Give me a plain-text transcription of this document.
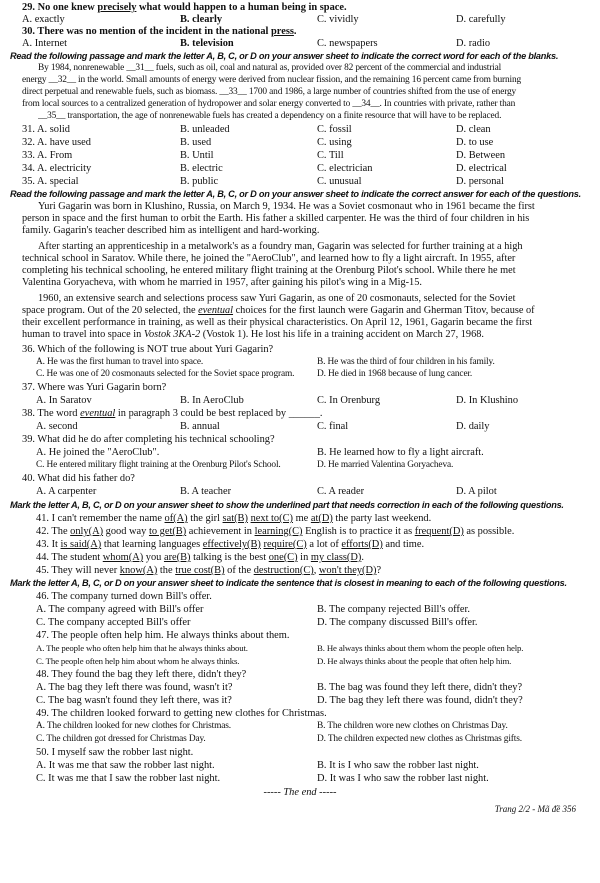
29. No one knew precisely what would happen to a human being in space.
A. exactly	B. clearly	C. vividly	D. carefully
30. There was no mention of the incident in the national press.
A. Internet	B. television	C. newspapers	D. radio
Read the following passage and mark the letter A, B, C, or D on your answer sheet to indicate the correct word for each of the blanks.
By 1984, nonrenewable __31__ fuels, such as oil, coal and natural as, provided over 82 percent of the commercial and industrial
energy __32__ in the world. Small amounts of energy were derived from nuclear fission, and the remaining 16 percent came from burning
direct perpetual and renewable fuels, such as biomass. __33__ 1700 and 1986, a large number of countries shifted from the use of energy
from local sources to a centralized generation of hydropower and solar energy converted to __34__. In countries with private, rather than
__35__ transportation, the age of nonrenewable fuels has created a dependency on a finite resource that will have to be replaced.
31. A. solid	B. unleaded	C. fossil	D. clean
32. A. have used	B. used	C. using	D. to use
33. A. From	B. Until	C. Till	D. Between
34. A. electricity	B. electric	C. electrician	D. electrical
35. A. special	B. public	C. unusual	D. personal
Read the following passage and mark the letter A, B, C, or D on your answer sheet to indicate the correct answer for each of the questions.
Yuri Gagarin was born in Klushino, Russia, on March 9, 1934. He was a Soviet cosmonaut who in 1961 became the first
person in space and the first human to orbit the Earth. His father a skilled carpenter. He was the third of four children in his
family. Gagarin's teacher described him as intelligent and hard-working.
After starting an apprenticeship in a metalwork's as a foundry man, Gagarin was selected for further training at a high
technical school in Saratov. While there, he joined the "AeroClub", and learned how to fly a light aircraft. In 1955, after
completing his technical schooling, he entered military flight training at the Orenburg Pilot's school. While there he met
Valentina Goryacheva, with whom he married in 1957, after gaining his pilot's wing in a Mig-15.
1960, an extensive search and selections process saw Yuri Gagarin, as one of 20 cosmonauts, selected for the Soviet
space program. Out of the 20 selected, the eventual choices for the first launch were Gagarin and Gherman Titov, because of
their excellent performance in training, as well as their physical characteristics. On April 12, 1961, Gagarin became the first
human to travel into space in Vostok 3KA-2 (Vostok 1). He lost his life in a training accident on March 27, 1968.
36. Which of the following is NOT true about Yuri Gagarin?
A. He was the first human to travel into space.	B. He was the third of four children in his family.
C. He was one of 20 cosmonauts selected for the Soviet space program. D. He died in 1968 because of lung cancer.
37. Where was Yuri Gagarin born?
A. In Saratov	B. In AeroClub	C. In Orenburg	D. In Klushino
38. The word eventual in paragraph 3 could be best replaced by ______.
A. second	B. annual	C. final	D. daily
39. What did he do after completing his technical schooling?
A. He joined the "AeroClub".	B. He learned how to fly a light aircraft.
C. He entered military flight training at the Orenburg Pilot's School.	D. He married Valentina Goryacheva.
40. What did his father do?
A. A carpenter	B. A teacher	C. A reader	D. A pilot
Mark the letter A, B, C, or D on your answer sheet to show the underlined part that needs correction in each of the following questions.
41. I can't remember the name of(A) the girl sat(B) next to(C) me at(D) the party last weekend.
42. The only(A) good way to get(B) achievement in learning(C) English is to practice it as frequent(D) as possible.
43. It is said(A) that learning languages effectively(B) require(C) a lot of efforts(D) and time.
44. The student whom(A) you are(B) talking is the best one(C) in my class(D).
45. They will never know(A) the true cost(B) of the destruction(C), won't they(D)?
Mark the letter A, B, C, or D on your answer sheet to indicate the sentence that is closest in meaning to each of the following questions.
46. The company turned down Bill's offer.
A. The company agreed with Bill's offer	B. The company rejected Bill's offer.
C. The company accepted Bill's offer	D. The company discussed Bill's offer.
47. The people often help him. He always thinks about them.
A. The people who often help him that he always thinks about.	B. He always thinks about them whom the people often help.
C. The people often help him about whom he always thinks.	D. He always thinks about the people that often help him.
48. They found the bag they left there, didn't they?
A. The bag they left there was found, wasn't it?	B. The bag was found they left there, didn't they?
C. The bag wasn't found they left there, was it?	D. The bag they left there was found, didn't they?
49. The children looked forward to getting new clothes for Christmas.
A. The children looked for new clothes for Christmas.	B. The children wore new clothes on Christmas Day.
C. The children got dressed for Christmas Day.	D. The children expected new clothes as Christmas gifts.
50. I myself saw the robber last night.
A. It was me that saw the robber last night.	B. It is I who saw the robber last night.
C. It was me that I saw the robber last night.	D. It was I who saw the robber last night.
----- The end -----
Trang 2/2 - Mã đề 356
